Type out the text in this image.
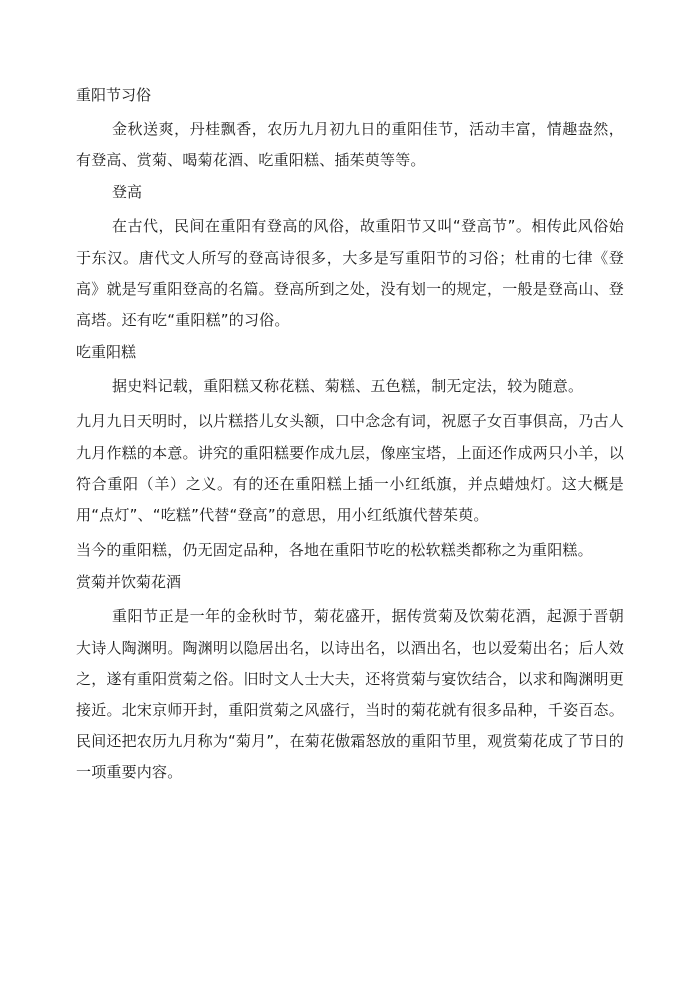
重阳节习俗

金秋送爽，丹桂飘香，农历九月初九日的重阳佳节，活动丰富，情趣盎然，有登高、赏菊、喝菊花酒、吃重阳糕、插茱萸等等。

登高

在古代，民间在重阳有登高的风俗，故重阳节又叫“登高节”。相传此风俗始于东汉。唐代文人所写的登高诗很多，大多是写重阳节的习俗；杜甫的七律《登高》就是写重阳登高的名篇。登高所到之处，没有划一的规定，一般是登高山、登高塔。还有吃“重阳糕”的习俗。

吃重阳糕

据史料记载，重阳糕又称花糕、菊糕、五色糕，制无定法，较为随意。

九月九日天明时，以片糕搭儿女头额，口中念念有词，祝愿子女百事俱高，乃古人九月作糕的本意。讲究的重阳糕要作成九层，像座宝塔，上面还作成两只小羊，以符合重阳（羊）之义。有的还在重阳糕上插一小红纸旗，并点蜡烛灯。这大概是用“点灯”、“吃糕”代替“登高”的意思，用小红纸旗代替茱萸。

当今的重阳糕，仍无固定品种，各地在重阳节吃的松软糕类都称之为重阳糕。

赏菊并饮菊花酒

重阳节正是一年的金秋时节，菊花盛开，据传赏菊及饮菊花酒，起源于晋朝大诗人陶渊明。陶渊明以隐居出名，以诗出名，以酒出名，也以爱菊出名；后人效之，遂有重阳赏菊之俗。旧时文人士大夫，还将赏菊与宴饮结合，以求和陶渊明更接近。北宋京师开封，重阳赏菊之风盛行，当时的菊花就有很多品种，千姿百态。民间还把农历九月称为“菊月”，在菊花傲霜怒放的重阳节里，观赏菊花成了节日的一项重要内容。
